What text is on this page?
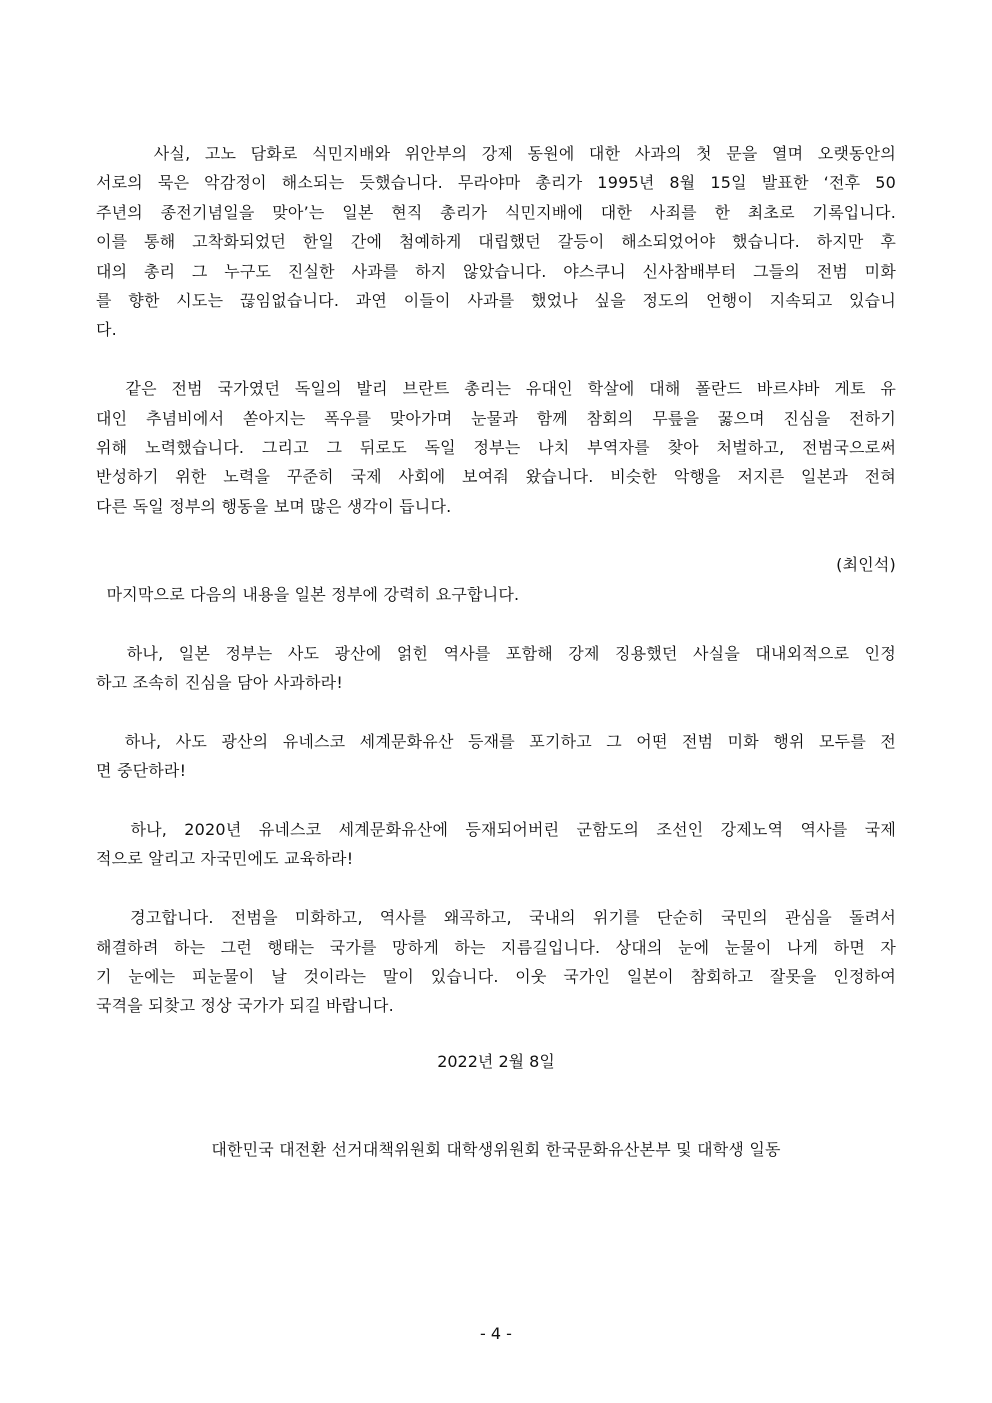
사실, 고노 담화로 식민지배와 위안부의 강제 동원에 대한 사과의 첫 문을 열며 오랫동안의
서로의 묵은 악감정이 해소되는 듯했습니다. 무라야마 총리가 1995년 8월 15일 발표한 ‘전후 50
주년의 종전기념일을 맞아’는 일본 현직 총리가 식민지배에 대한 사죄를 한 최초로 기록입니다.
이를 통해 고착화되었던 한일 간에 첨예하게 대립했던 갈등이 해소되었어야 했습니다. 하지만 후
대의 총리 그 누구도 진실한 사과를 하지 않았습니다. 야스쿠니 신사참배부터 그들의 전범 미화
를 향한 시도는 끊임없습니다. 과연 이들이 사과를 했었나 싶을 정도의 언행이 지속되고 있습니
다.
같은 전범 국가였던 독일의 발리 브란트 총리는 유대인 학살에 대해 폴란드 바르샤바 게토 유
대인 추념비에서 쏟아지는 폭우를 맞아가며 눈물과 함께 참회의 무릎을 꿇으며 진심을 전하기
위해 노력했습니다. 그리고 그 뒤로도 독일 정부는 나치 부역자를 찾아 처벌하고, 전범국으로써
반성하기 위한 노력을 꾸준히 국제 사회에 보여줘 왔습니다. 비슷한 악행을 저지른 일본과 전혀
다른 독일 정부의 행동을 보며 많은 생각이 듭니다.
(최인석)
마지막으로 다음의 내용을 일본 정부에 강력히 요구합니다.
하나, 일본 정부는 사도 광산에 얽힌 역사를 포함해 강제 징용했던 사실을 대내외적으로 인정
하고 조속히 진심을 담아 사과하라!
하나, 사도 광산의 유네스코 세계문화유산 등재를 포기하고 그 어떤 전범 미화 행위 모두를 전
면 중단하라!
하나, 2020년 유네스코 세계문화유산에 등재되어버린 군함도의 조선인 강제노역 역사를 국제
적으로 알리고 자국민에도 교육하라!
경고합니다. 전범을 미화하고, 역사를 왜곡하고, 국내의 위기를 단순히 국민의 관심을 돌려서
해결하려 하는 그런 행태는 국가를 망하게 하는 지름길입니다. 상대의 눈에 눈물이 나게 하면 자
기 눈에는 피눈물이 날 것이라는 말이 있습니다. 이웃 국가인 일본이 참회하고 잘못을 인정하여
국격을 되찾고 정상 국가가 되길 바랍니다.
2022년 2월 8일
대한민국 대전환 선거대책위원회 대학생위원회 한국문화유산본부 및 대학생 일동
- 4 -
